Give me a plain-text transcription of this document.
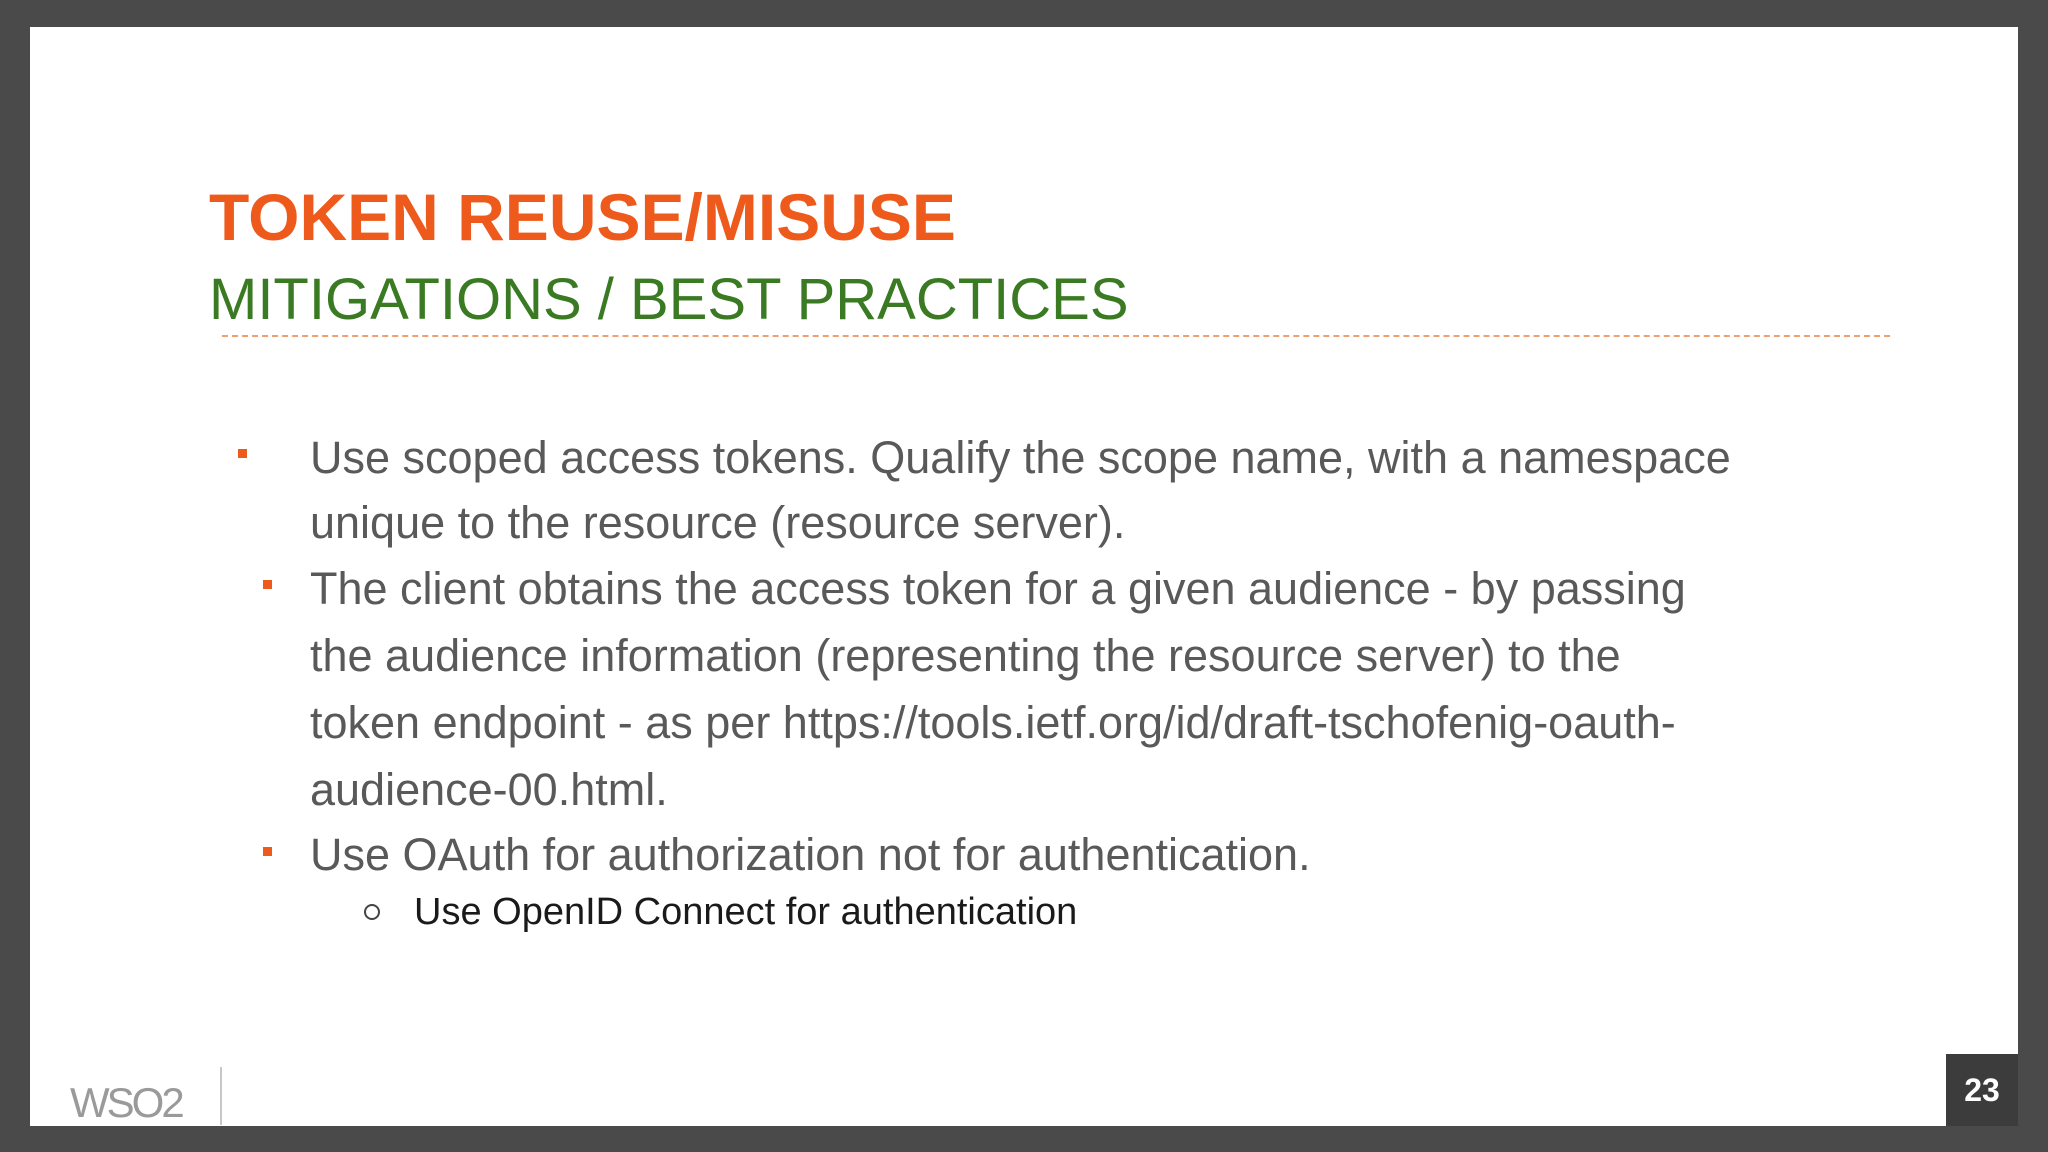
TOKEN REUSE/MISUSE
MITIGATIONS / BEST PRACTICES

Use scoped access tokens. Qualify the scope name, with a namespace
unique to the resource (resource server).

The client obtains the access token for a given audience - by passing
the audience information (representing the resource server) to the
token endpoint - as per https://tools.ietf.org/id/draft-tschofenig-oauth-
audience-00.html.

Use OAuth for authorization not for authentication.

Use OpenID Connect for authentication

WSO2	23
